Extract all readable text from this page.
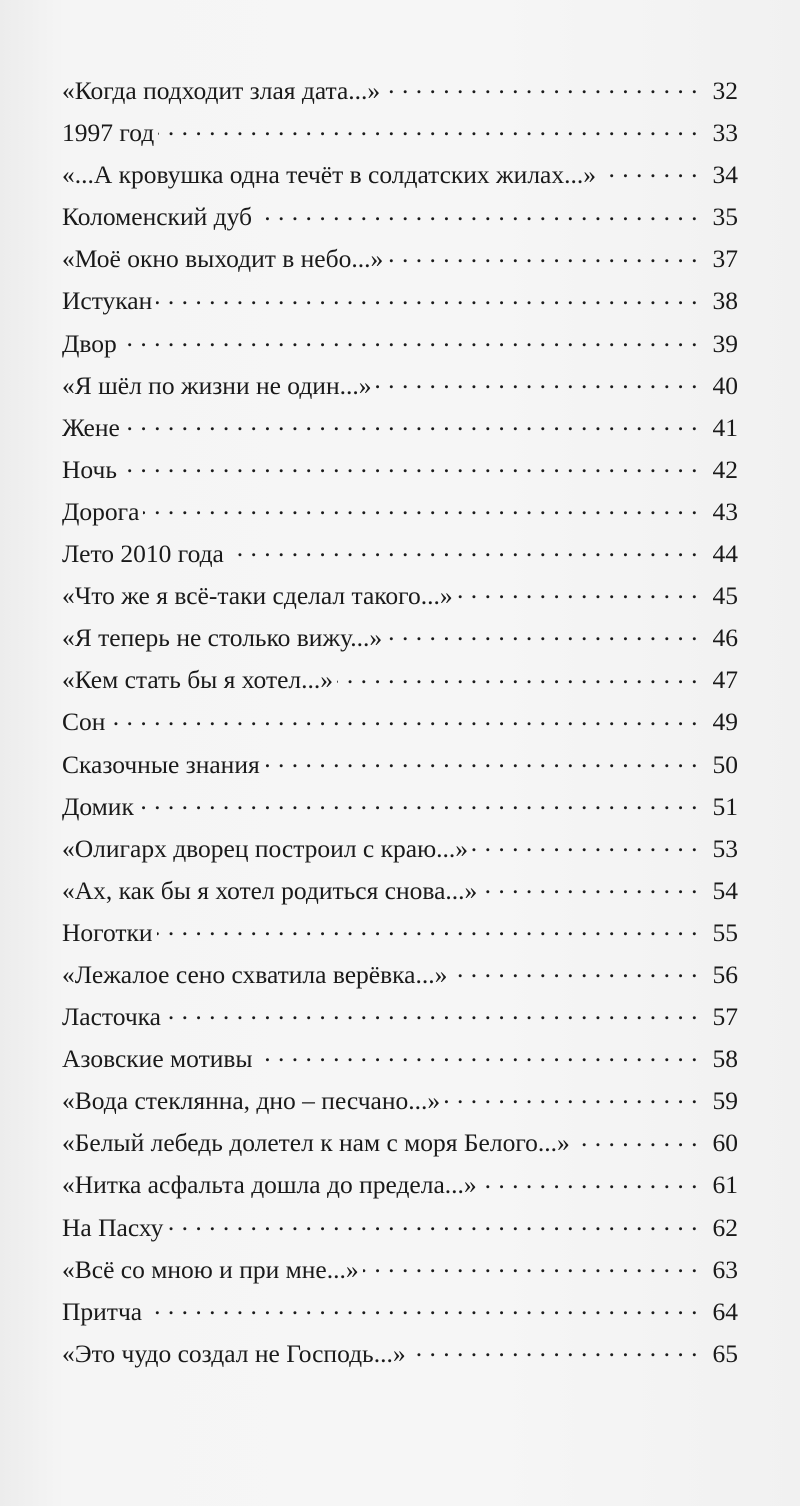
«Когда подходит злая дата...» . . .	32
1997 год . . .	33
«...А кровушка одна течёт в солдатских жилах...» . . .	34
Коломенский дуб . . .	35
«Моё окно выходит в небо...» . . .	37
Истукан . . .	38
Двор . . .	39
«Я шёл по жизни не один...» . . .	40
Жене . . .	41
Ночь . . .	42
Дорога . . .	43
Лето 2010 года . . .	44
«Что же я всё-таки сделал такого...» . . .	45
«Я теперь не столько вижу...» . . .	46
«Кем стать бы я хотел...» . . .	47
Сон . . .	49
Сказочные знания . . .	50
Домик . . .	51
«Олигарх дворец построил с краю...» . . .	53
«Ах, как бы я хотел родиться снова...» . . .	54
Ноготки . . .	55
«Лежалое сено схватила верёвка...» . . .	56
Ласточка . . .	57
Азовские мотивы . . .	58
«Вода стеклянна, дно – песчано...» . . .	59
«Белый лебедь долетел к нам с моря Белого...» . . .	60
«Нитка асфальта дошла до предела...» . . .	61
На Пасху . . .	62
«Всё со мною и при мне...» . . .	63
Притча . . .	64
«Это чудо создал не Господь...» . . .	65
